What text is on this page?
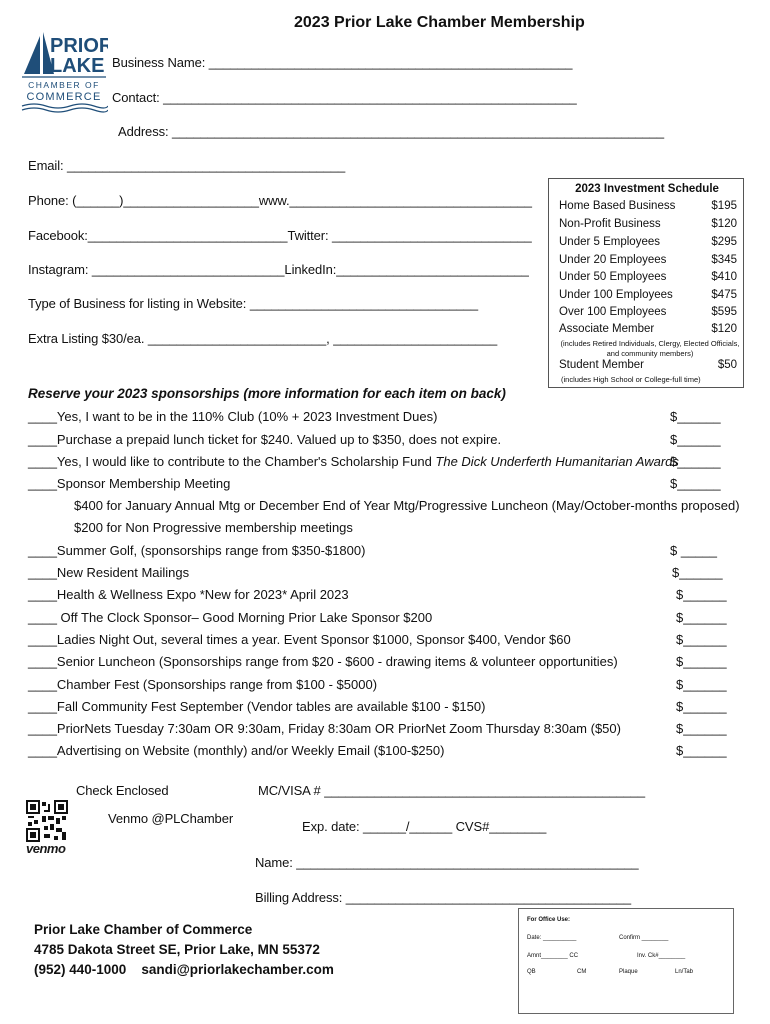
2023 Prior Lake Chamber Membership
PRIOR
LAKE
CHAMBER OF
COMMERCE
Business Name: ___________________________________________________
Contact: __________________________________________________________
Address: _____________________________________________________________________
Email: _______________________________________
Phone: (______)___________________www.__________________________________
Facebook:____________________________Twitter: ____________________________
Instagram: ___________________________LinkedIn:___________________________
Type of Business for listing in Website: ________________________________
Extra Listing $30/ea. _________________________, _______________________
2023 Investment Schedule
Home Based Business	$195
Non-Profit Business	$120
Under 5 Employees	$295
Under 20 Employees	$345
Under 50 Employees	$410
Under 100 Employees	$475
Over 100 Employees	$595
Associate Member	$120
(includes Retired Individuals, Clergy, Elected Officials, and community members)
Student Member	$50
(includes High School or College-full time)
Reserve your 2023 sponsorships (more information for each item on back)
____Yes, I want to be in the 110% Club (10% + 2023 Investment Dues)	$______
____Purchase a prepaid lunch ticket for $240. Valued up to $350, does not expire.	$______
____Yes, I would like to contribute to the Chamber's Scholarship Fund The Dick Underferth Humanitarian Awards
$______
____Sponsor Membership Meeting	$______
$400 for January Annual Mtg or December End of Year Mtg/Progressive Luncheon (May/October-months proposed)
$200 for Non Progressive membership meetings
____Summer Golf, (sponsorships range from $350-$1800)	$ _____
____New Resident Mailings	$______
____Health & Wellness Expo *New for 2023* April 2023	$______
____ Off The Clock Sponsor– Good Morning Prior Lake Sponsor $200	$______
____Ladies Night Out, several times a year. Event Sponsor $1000, Sponsor $400, Vendor $60	$______
____Senior Luncheon (Sponsorships range from $20 - $600 - drawing items & volunteer opportunities)	$______
____Chamber Fest (Sponsorships range from $100 - $5000)	$______
____Fall Community Fest September (Vendor tables are available $100 - $150)	$______
____PriorNets Tuesday 7:30am OR 9:30am, Friday 8:30am OR PriorNet Zoom Thursday 8:30am ($50)	$______
____Advertising on Website (monthly) and/or Weekly Email ($100-$250)	$______
Check Enclosed
Venmo @PLChamber
MC/VISA # _____________________________________________
Exp. date: ______/______ CVS#________
Name: ________________________________________________
Billing Address: ________________________________________
venmo
Prior Lake Chamber of Commerce
4785 Dakota Street SE, Prior Lake, MN 55372
(952) 440-1000 sandi@priorlakechamber.com
For Office Use:
Date: __________	Confirm ________
Amnt________ CC	Inv. Ck#________
QB	CM	Plaque	Ln/Tab
